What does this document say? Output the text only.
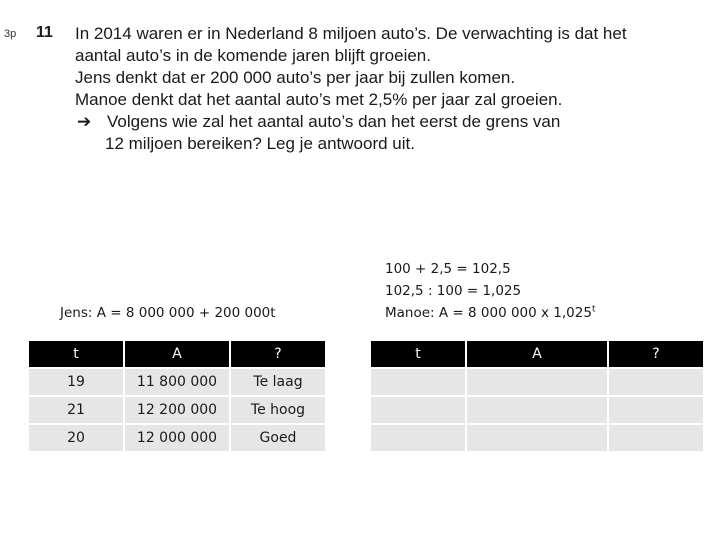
3p 11 In 2014 waren er in Nederland 8 miljoen auto’s. De verwachting is dat het
aantal auto’s in de komende jaren blijft groeien.
Jens denkt dat er 200 000 auto’s per jaar bij zullen komen.
Manoe denkt dat het aantal auto’s met 2,5% per jaar zal groeien.
➔ Volgens wie zal het aantal auto’s dan het eerst de grens van
12 miljoen bereiken? Leg je antwoord uit.
Jens: A = 8 000 000 + 200 000t
100 + 2,5 = 102,5
102,5 : 100 = 1,025
Manoe: A = 8 000 000 x 1,025$^t$
t	A	?
19	11 800 000	Te laag
21	12 200 000	Te hoog
20	12 000 000	Goed
t	A	?
